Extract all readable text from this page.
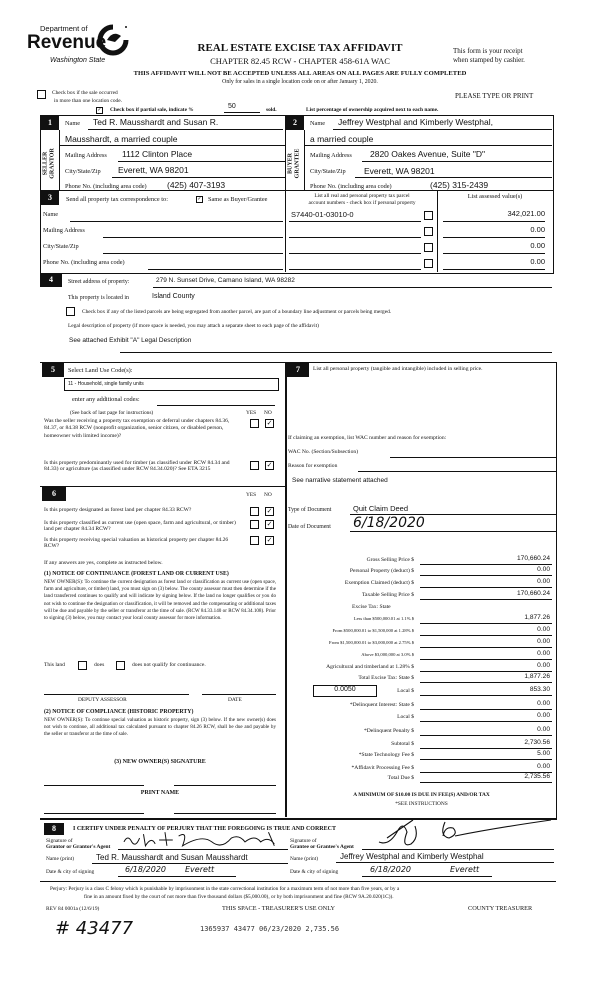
Department of
Revenue
Washington State
REAL ESTATE EXCISE TAX AFFIDAVIT
CHAPTER 82.45 RCW - CHAPTER 458-61A WAC
THIS AFFIDAVIT WILL NOT BE ACCEPTED UNLESS ALL AREAS ON ALL PAGES ARE FULLY COMPLETED
Only for sales in a single location code on or after January 1, 2020.
This form is your receipt
when stamped by cashier.
PLEASE TYPE OR PRINT
Check box if the sale occurred
in more than one location code.
✓ Check box if partial sale, indicate %	50	sold.	List percentage of ownership acquired next to each name.
1
SELLER GRANTOR
Name Ted R. Mausshardt and Susan R.
Mausshardt, a married couple
Mailing Address 1112 Clinton Place
City/State/Zip Everett, WA 98201
Phone No. (including area code) (425) 407-3193
2
BUYER GRANTEE
Name Jeffrey Westphal and Kimberly Westphal,
a married couple
Mailing Address 2820 Oakes Avenue, Suite "D"
City/State/Zip Everett, WA 98201
Phone No. (including area code)	(425) 315-2439
3	Send all property tax correspondence to:	✓ Same as Buyer/Grantee
Name
Mailing Address
City/State/Zip
Phone No. (including area code)
List all real and personal property tax parcel
account numbers - check box if personal property
List assessed value(s)
S7440-01-03010-0	342,021.00
0.00
0.00
0.00
4	Street address of property:	279 N. Sunset Drive, Camano Island, WA 98282
This property is located in	Island County
Check box if any of the listed parcels are being segregated from another parcel, are part of a boundary line adjustment or parcels being merged.
Legal description of property (if more space is needed, you may attach a separate sheet to each page of the affidavit)
See attached Exhibit "A" Legal Description
5	Select Land Use Code(s):
11 - Household, single family units
enter any additional codes:
(See back of last page for instructions)	YES NO
Was the seller receiving a property tax exemption or deferral under chapters 84.36, 84.37, or 84.38 RCW (nonprofit organization, senior citizen, or disabled person, homeowner with limited income)?
✓
Is this property predominantly used for timber (as classified under RCW 84.34 and 84.33) or agriculture (as classified under RCW 84.34.020)? See ETA 3215
✓
6	YES NO
Is this property designated as forest land per chapter 84.33 RCW?	✓
Is this property classified as current use (open space, farm and agricultural, or timber) land per chapter 84.34 RCW?
✓
Is this property receiving special valuation as historical property per chapter 84.26 RCW?
✓
If any answers are yes, complete as instructed below.
(1) NOTICE OF CONTINUANCE (FOREST LAND OR CURRENT USE)
NEW OWNER(S): To continue the current designation as forest land or classification as current use (open space, farm and agriculture, or timber) land, you must sign on (3) below. The county assessor must then determine if the land transferred continues to qualify and will indicate by signing below. If the land no longer qualifies or you do not wish to continue the designation or classification, it will be removed and the compensating or additional taxes will be due and payable by the seller or transferor at the time of sale. (RCW 84.33.140 or RCW 84.34.108). Prior to signing (3) below, you may contact your local county assessor for more information.
This land	does	does not qualify for continuance.
DEPUTY ASSESSOR	DATE
(2) NOTICE OF COMPLIANCE (HISTORIC PROPERTY)
NEW OWNER(S): To continue special valuation as historic property, sign (3) below. If the new owner(s) does not wish to continue, all additional tax calculated pursuant to chapter 84.26 RCW, shall be due and payable by the seller or transferor at the time of sale.
(3) NEW OWNER(S) SIGNATURE
PRINT NAME
7	List all personal property (tangible and intangible) included in selling price.
If claiming an exemption, list WAC number and reason for exemption:
WAC No. (Section/Subsection)
Reason for exemption
See narrative statement attached
Type of Document	Quit Claim Deed
Date of Document 6/18/2020
Gross Selling Price $	170,660.24
Personal Property (deduct) $	0.00
Exemption Claimed (deduct) $	0.00
Taxable Selling Price $	170,660.24
Excise Tax: State
Less than $500,000.01 at 1.1% $	1,877.26
From $500,000.01 to $1,500,000 at 1.28% $	0.00
From $1,500,000.01 to $3,000,000 at 2.75% $	0.00
Above $3,000,000 at 3.0% $	0.00
Agricultural and timberland at 1.28% $	0.00
Total Excise Tax: State $	1,877.26
Local $	853.30
*Delinquent Interest: State $	0.00
Local $	0.00
*Delinquent Penalty $	0.00
Subtotal $	2,730.56
*State Technology Fee $	5.00
*Affidavit Processing Fee $	0.00
Total Due $	2,735.56
0.0050
A MINIMUM OF $10.00 IS DUE IN FEE(S) AND/OR TAX
*SEE INSTRUCTIONS
8	I CERTIFY UNDER PENALTY OF PERJURY THAT THE FOREGOING IS TRUE AND CORRECT
Signature of
Grantor or Grantor's Agent
Signature of
Grantee or Grantee's Agent
Name (print)	Ted R. Mausshardt and Susan Mausshardt	Name (print)	Jeffrey Westphal and Kimberly Westphal
Date & city of signing	6/18/2020 Everett	Date & city of signing	6/18/2020	Everett
Perjury: Perjury is a class C felony which is punishable by imprisonment in the state correctional institution for a maximum term of not more than five years, or by a
fine in an amount fixed by the court of not more than five thousand dollars ($5,000.00), or by both imprisonment and fine (RCW 9A.20.020(1C)).
REV 84 0001a (12/6/19)	THIS SPACE - TREASURER'S USE ONLY	COUNTY TREASURER
# 43477	1365937 43477 06/23/2020 2,735.56
